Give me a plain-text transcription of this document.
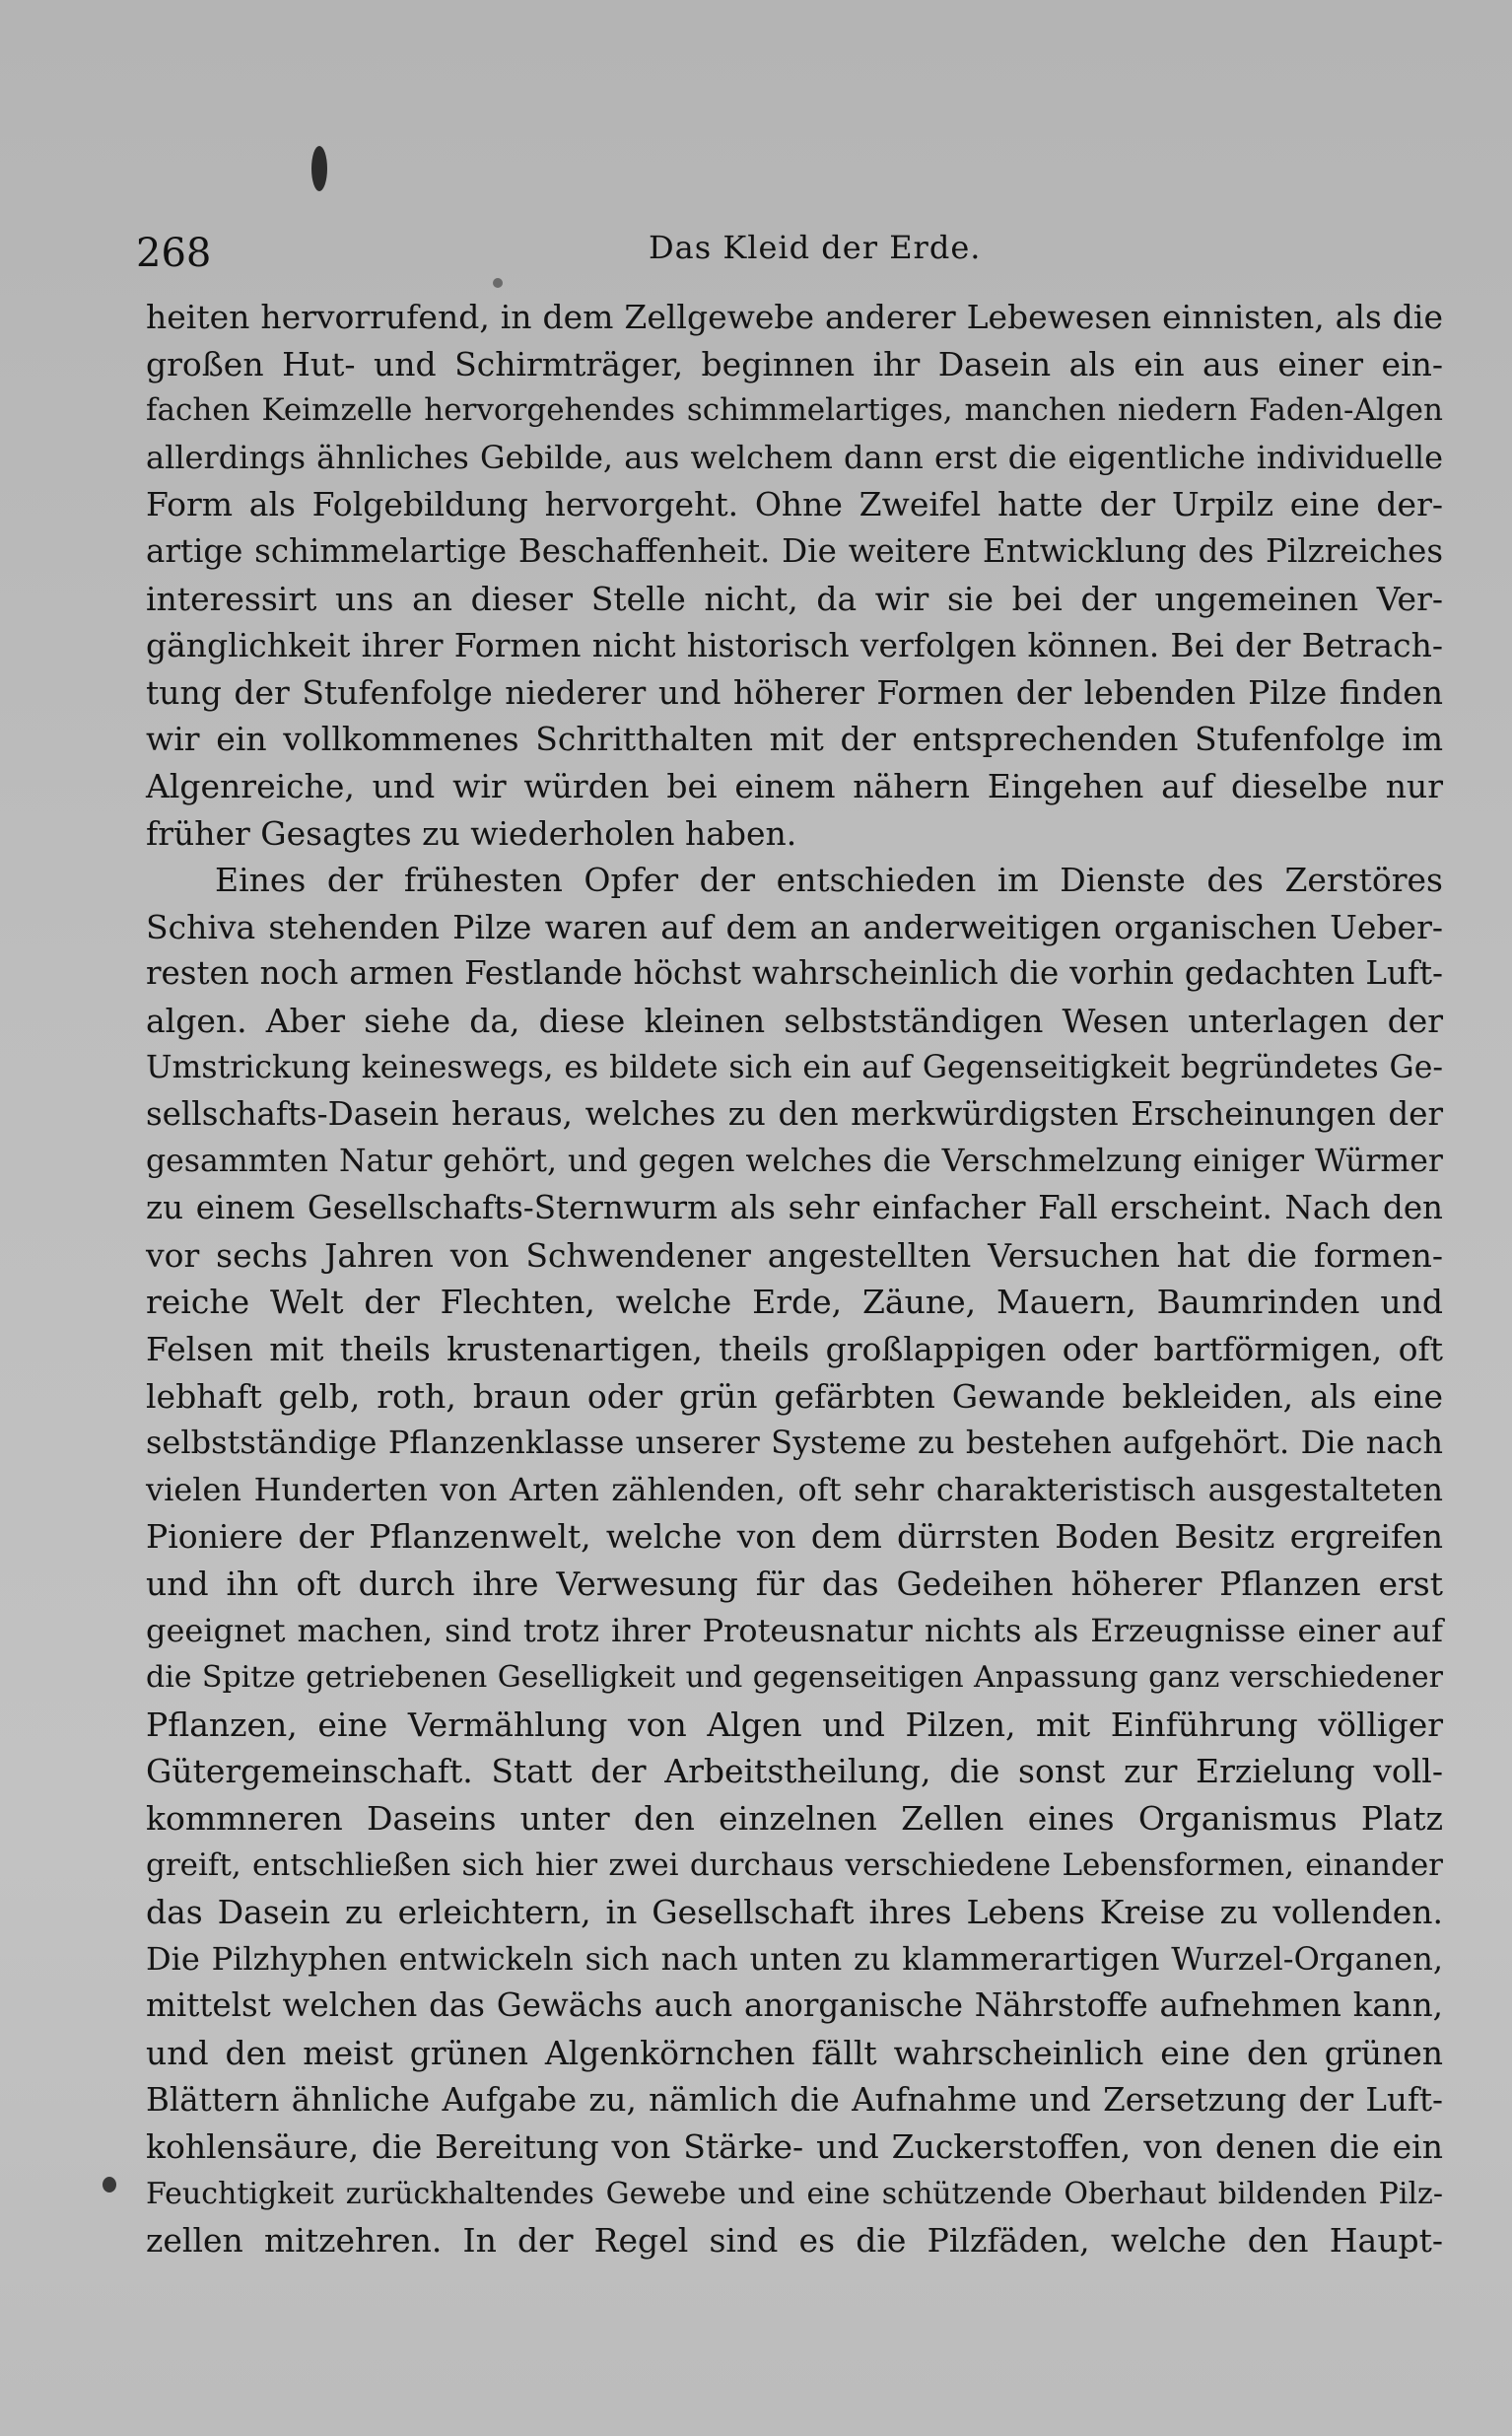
268	Das Kleid der Erde.
heiten hervorrufend, in dem Zellgewebe anderer Lebewesen einnisten, als die
großen Hut- und Schirmträger, beginnen ihr Dasein als ein aus einer ein-
fachen Keimzelle hervorgehendes schimmelartiges, manchen niedern Faden-Algen
allerdings ähnliches Gebilde, aus welchem dann erst die eigentliche individuelle
Form als Folgebildung hervorgeht. Ohne Zweifel hatte der Urpilz eine der-
artige schimmelartige Beschaffenheit. Die weitere Entwicklung des Pilzreiches
interessirt uns an dieser Stelle nicht, da wir sie bei der ungemeinen Ver-
gänglichkeit ihrer Formen nicht historisch verfolgen können. Bei der Betrach-
tung der Stufenfolge niederer und höherer Formen der lebenden Pilze finden
wir ein vollkommenes Schritthalten mit der entsprechenden Stufenfolge im
Algenreiche, und wir würden bei einem nähern Eingehen auf dieselbe nur
früher Gesagtes zu wiederholen haben.
Eines der frühesten Opfer der entschieden im Dienste des Zerstöres
Schiva stehenden Pilze waren auf dem an anderweitigen organischen Ueber-
resten noch armen Festlande höchst wahrscheinlich die vorhin gedachten Luft-
algen. Aber siehe da, diese kleinen selbstständigen Wesen unterlagen der
Umstrickung keineswegs, es bildete sich ein auf Gegenseitigkeit begründetes Ge-
sellschafts-Dasein heraus, welches zu den merkwürdigsten Erscheinungen der
gesammten Natur gehört, und gegen welches die Verschmelzung einiger Würmer
zu einem Gesellschafts-Sternwurm als sehr einfacher Fall erscheint. Nach den
vor sechs Jahren von Schwendener angestellten Versuchen hat die formen-
reiche Welt der Flechten, welche Erde, Zäune, Mauern, Baumrinden und
Felsen mit theils krustenartigen, theils großlappigen oder bartförmigen, oft
lebhaft gelb, roth, braun oder grün gefärbten Gewande bekleiden, als eine
selbstständige Pflanzenklasse unserer Systeme zu bestehen aufgehört. Die nach
vielen Hunderten von Arten zählenden, oft sehr charakteristisch ausgestalteten
Pioniere der Pflanzenwelt, welche von dem dürrsten Boden Besitz ergreifen
und ihn oft durch ihre Verwesung für das Gedeihen höherer Pflanzen erst
geeignet machen, sind trotz ihrer Proteusnatur nichts als Erzeugnisse einer auf
die Spitze getriebenen Geselligkeit und gegenseitigen Anpassung ganz verschiedener
Pflanzen, eine Vermählung von Algen und Pilzen, mit Einführung völliger
Gütergemeinschaft. Statt der Arbeitstheilung, die sonst zur Erzielung voll-
kommneren Daseins unter den einzelnen Zellen eines Organismus Platz
greift, entschließen sich hier zwei durchaus verschiedene Lebensformen, einander
das Dasein zu erleichtern, in Gesellschaft ihres Lebens Kreise zu vollenden.
Die Pilzhyphen entwickeln sich nach unten zu klammerartigen Wurzel-Organen,
mittelst welchen das Gewächs auch anorganische Nährstoffe aufnehmen kann,
und den meist grünen Algenkörnchen fällt wahrscheinlich eine den grünen
Blättern ähnliche Aufgabe zu, nämlich die Aufnahme und Zersetzung der Luft-
kohlensäure, die Bereitung von Stärke- und Zuckerstoffen, von denen die ein
Feuchtigkeit zurückhaltendes Gewebe und eine schützende Oberhaut bildenden Pilz-
zellen mitzehren. In der Regel sind es die Pilzfäden, welche den Haupt-
